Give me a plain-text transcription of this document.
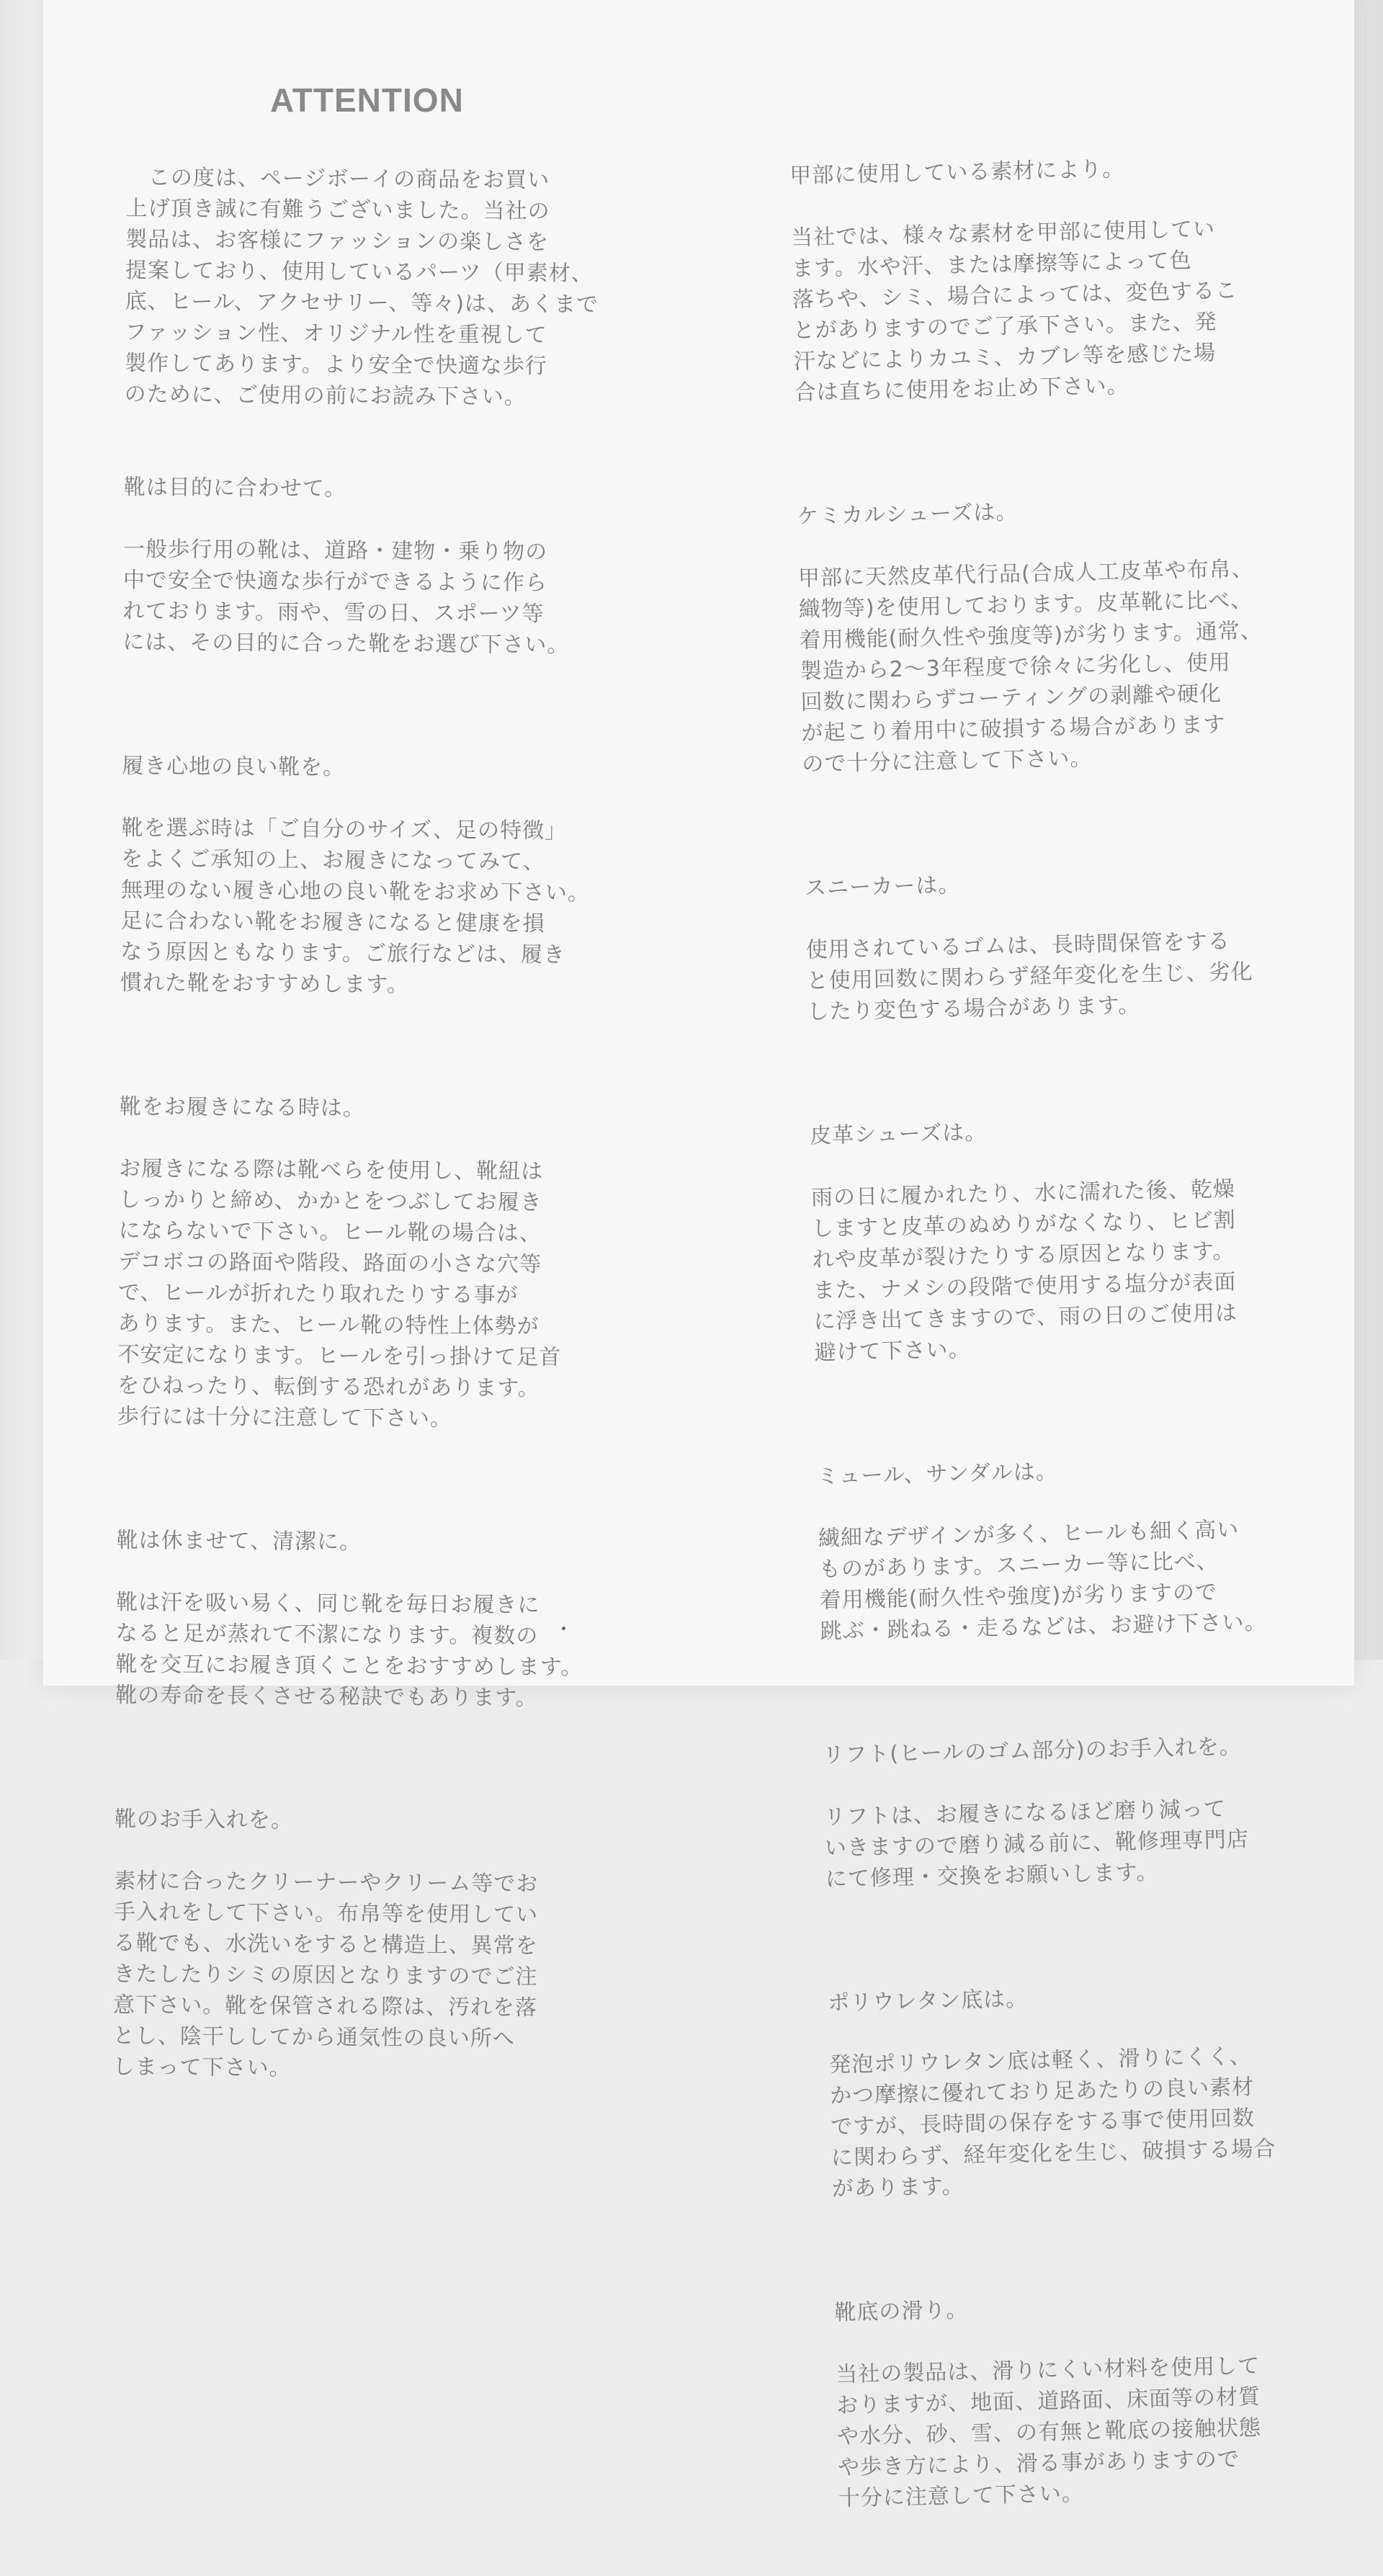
ATTENTION
　この度は、ページボーイの商品をお買い
上げ頂き誠に有難うございました。当社の
製品は、お客様にファッションの楽しさを
提案しており、使用しているパーツ（甲素材、
底、ヒール、アクセサリー、等々)は、あくまで
ファッション性、オリジナル性を重視して
製作してあります。より安全で快適な歩行
のために、ご使用の前にお読み下さい。

靴は目的に合わせて。

一般歩行用の靴は、道路・建物・乗り物の
中で安全で快適な歩行ができるように作ら
れております。雨や、雪の日、スポーツ等
には、その目的に合った靴をお選び下さい。

履き心地の良い靴を。

靴を選ぶ時は「ご自分のサイズ、足の特徴」
をよくご承知の上、お履きになってみて、
無理のない履き心地の良い靴をお求め下さい。
足に合わない靴をお履きになると健康を損
なう原因ともなります。ご旅行などは、履き
慣れた靴をおすすめします。

靴をお履きになる時は。

お履きになる際は靴べらを使用し、靴紐は
しっかりと締め、かかとをつぶしてお履き
にならないで下さい。ヒール靴の場合は、
デコボコの路面や階段、路面の小さな穴等
で、ヒールが折れたり取れたりする事が
あります。また、ヒール靴の特性上体勢が
不安定になります。ヒールを引っ掛けて足首
をひねったり、転倒する恐れがあります。
歩行には十分に注意して下さい。

靴は休ませて、清潔に。

靴は汗を吸い易く、同じ靴を毎日お履きに
なると足が蒸れて不潔になります。複数の
靴を交互にお履き頂くことをおすすめします。
靴の寿命を長くさせる秘訣でもあります。

靴のお手入れを。

素材に合ったクリーナーやクリーム等でお
手入れをして下さい。布帛等を使用してい
る靴でも、水洗いをすると構造上、異常を
きたしたりシミの原因となりますのでご注
意下さい。靴を保管される際は、汚れを落
とし、陰干ししてから通気性の良い所へ
しまって下さい。

甲部に使用している素材により。

当社では、様々な素材を甲部に使用してい
ます。水や汗、または摩擦等によって色
落ちや、シミ、場合によっては、変色するこ
とがありますのでご了承下さい。また、発
汗などによりカユミ、カブレ等を感じた場
合は直ちに使用をお止め下さい。

ケミカルシューズは。

甲部に天然皮革代行品(合成人工皮革や布帛、
織物等)を使用しております。皮革靴に比べ、
着用機能(耐久性や強度等)が劣ります。通常、
製造から2～3年程度で徐々に劣化し、使用
回数に関わらずコーティングの剥離や硬化
が起こり着用中に破損する場合があります
ので十分に注意して下さい。

スニーカーは。

使用されているゴムは、長時間保管をする
と使用回数に関わらず経年変化を生じ、劣化
したり変色する場合があります。

皮革シューズは。

雨の日に履かれたり、水に濡れた後、乾燥
しますと皮革のぬめりがなくなり、ヒビ割
れや皮革が裂けたりする原因となります。
また、ナメシの段階で使用する塩分が表面
に浮き出てきますので、雨の日のご使用は
避けて下さい。

ミュール、サンダルは。

繊細なデザインが多く、ヒールも細く高い
ものがあります。スニーカー等に比べ、
着用機能(耐久性や強度)が劣りますので
跳ぶ・跳ねる・走るなどは、お避け下さい。

リフト(ヒールのゴム部分)のお手入れを。

リフトは、お履きになるほど磨り減って
いきますので磨り減る前に、靴修理専門店
にて修理・交換をお願いします。

ポリウレタン底は。

発泡ポリウレタン底は軽く、滑りにくく、
かつ摩擦に優れており足あたりの良い素材
ですが、長時間の保存をする事で使用回数
に関わらず、経年変化を生じ、破損する場合
があります。

靴底の滑り。

当社の製品は、滑りにくい材料を使用して
おりますが、地面、道路面、床面等の材質
や水分、砂、雪、の有無と靴底の接触状態
や歩き方により、滑る事がありますので
十分に注意して下さい。
